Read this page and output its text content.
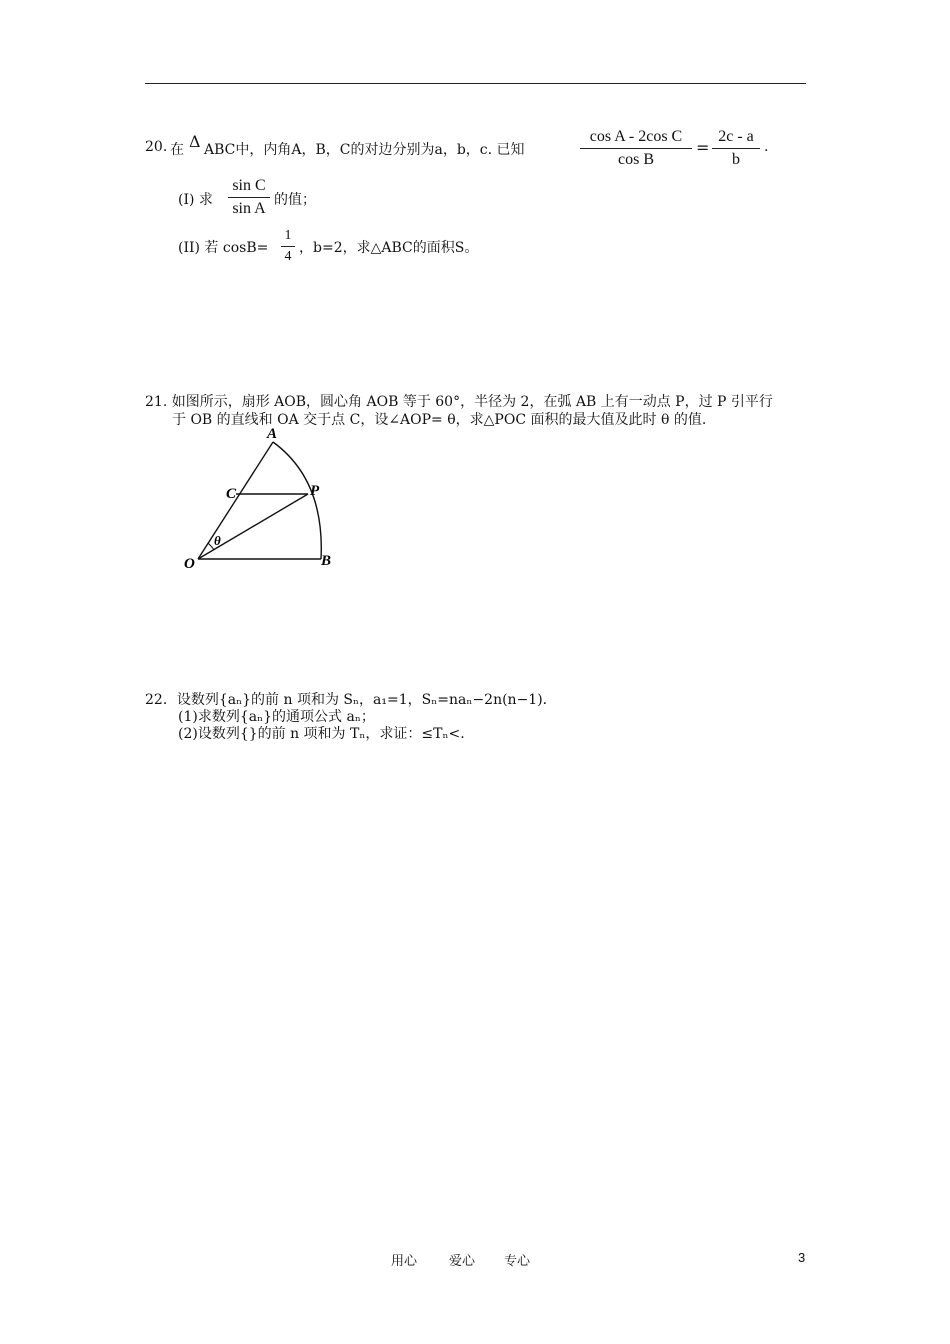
20. 在 Δ ABC中，内角A，B，C的对边分别为a，b，c. 已知
cos A - 2cos C
cos B
=
2c - a
b
.
(I) 求
sin C
sin A 的值；
(II) 若 cosB=
1
4
，b=2，求△ABC的面积S。
21. 如图所示，扇形 AOB，圆心角 AOB 等于 60°，半径为 2，在弧 AB 上有一动点 P，过 P 引平行
于 OB 的直线和 OA 交于点 C，设∠AOP= θ，求△POC 面积的最大值及此时 θ 的值.
A
C	P
O	B
θ
22．设数列{aₙ}的前 n 项和为 Sₙ，a₁=1，Sₙ=naₙ−2n(n−1)．
(1)求数列{aₙ}的通项公式 aₙ；
(2)设数列{}的前 n 项和为 Tₙ，求证：≤Tₙ<.
用心 爱心 专心	3
